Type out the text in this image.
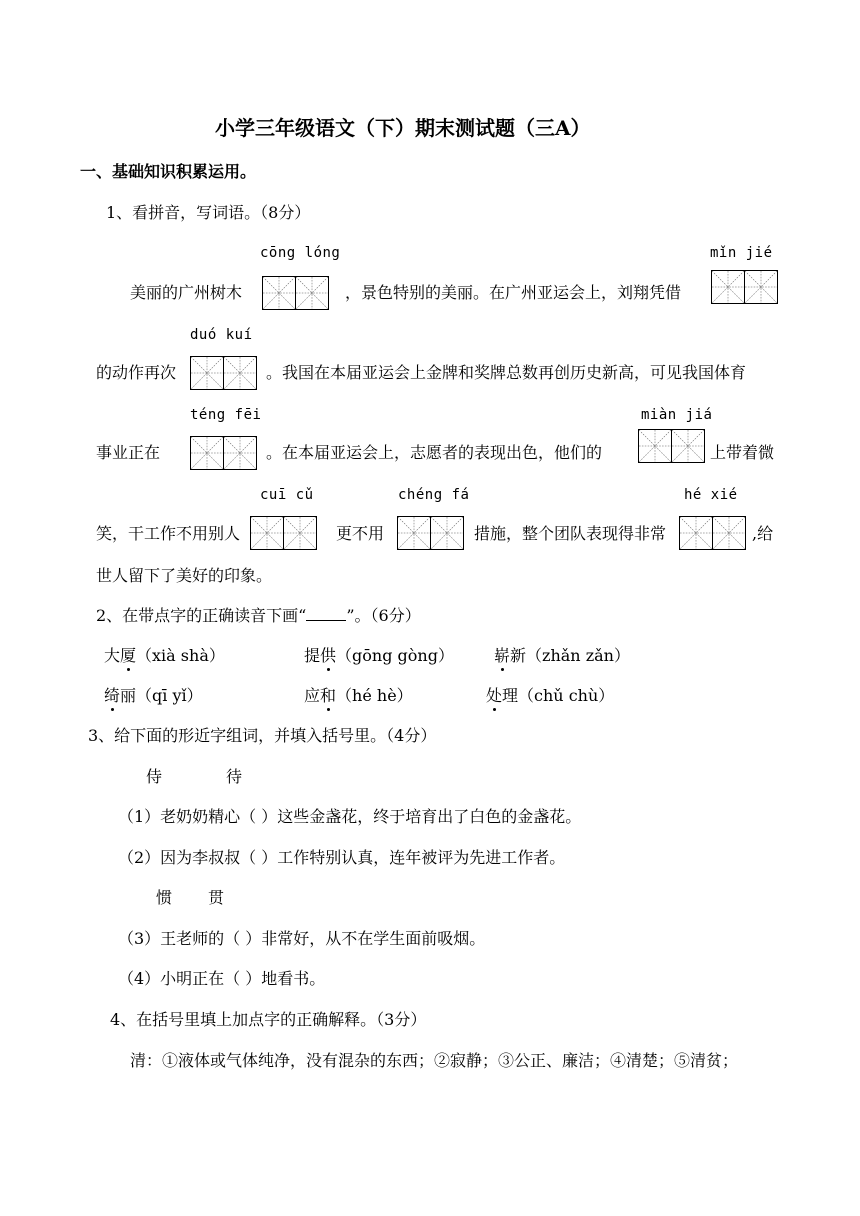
小学三年级语文（下）期末测试题（三A）
一、基础知识积累运用。
1、看拼音，写词语。（8分）
cōng lóng	mǐn jié
美丽的广州树木	，景色特别的美丽。在广州亚运会上，刘翔凭借
duó kuí
的动作再次	。我国在本届亚运会上金牌和奖牌总数再创历史新高，可见我国体育
téng fēi	miàn jiá
事业正在	。在本届亚运会上，志愿者的表现出色，他们的	上带着微
cuī cǔ	chéng fá	hé xié
笑，干工作不用别人	更不用	措施，整个团队表现得非常	,给
世人留下了美好的印象。
2、在带点字的正确读音下画“	”。（6分）
大厦（xià shà）	提供（gōng gòng）	崭新（zhǎn zǎn）
绮丽（qī yǐ）	应和（hé hè）	处理（chǔ chù）
3、给下面的形近字组词，并填入括号里。（4分）
侍	待
（1）老奶奶精心（ ）这些金盏花，终于培育出了白色的金盏花。
（2）因为李叔叔（ ）工作特别认真，连年被评为先进工作者。
惯 贯
（3）王老师的（ ）非常好，从不在学生面前吸烟。
（4）小明正在（ ）地看书。
4、在括号里填上加点字的正确解释。（3分）
清：①液体或气体纯净，没有混杂的东西；②寂静；③公正、廉洁；④清楚；⑤清贫；
